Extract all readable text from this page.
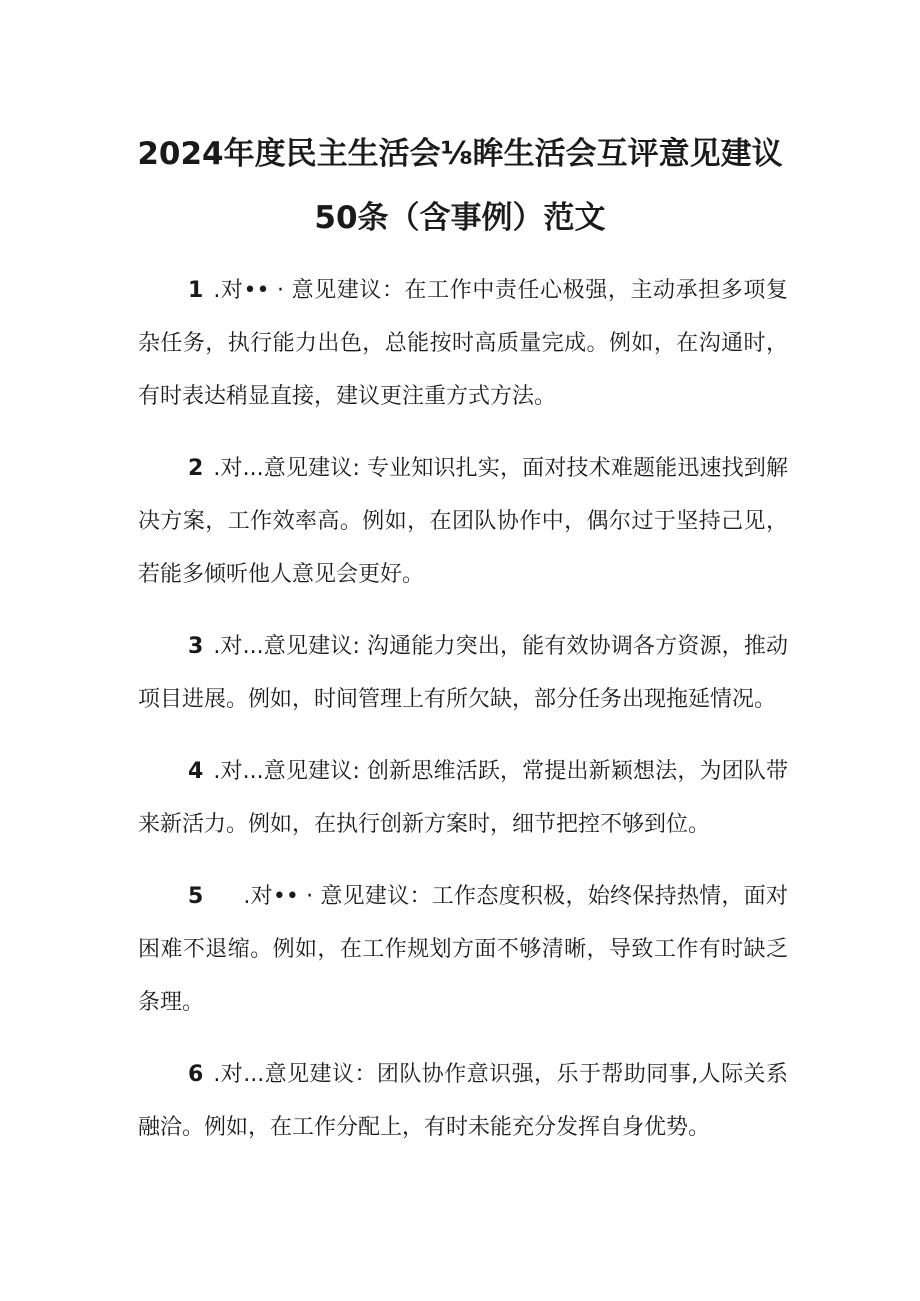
2024年度民主生活会⅛眸生活会互评意见建议50条（含事例）范文
1 .对•• · 意见建议：在工作中责任心极强，主动承担多项复杂任务，执行能力出色，总能按时高质量完成。例如，在沟通时，有时表达稍显直接，建议更注重方式方法。
2 .对...意见建议: 专业知识扎实，面对技术难题能迅速找到解决方案，工作效率高。例如，在团队协作中，偶尔过于坚持己见，若能多倾听他人意见会更好。
3 .对...意见建议: 沟通能力突出，能有效协调各方资源，推动项目进展。例如，时间管理上有所欠缺，部分任务出现拖延情况。
4 .对...意见建议: 创新思维活跃，常提出新颖想法，为团队带来新活力。例如，在执行创新方案时，细节把控不够到位。
5 .对•• · 意见建议：工作态度积极，始终保持热情，面对困难不退缩。例如，在工作规划方面不够清晰，导致工作有时缺乏条理。
6 .对...意见建议：团队协作意识强，乐于帮助同事,人际关系融洽。例如，在工作分配上，有时未能充分发挥自身优势。
